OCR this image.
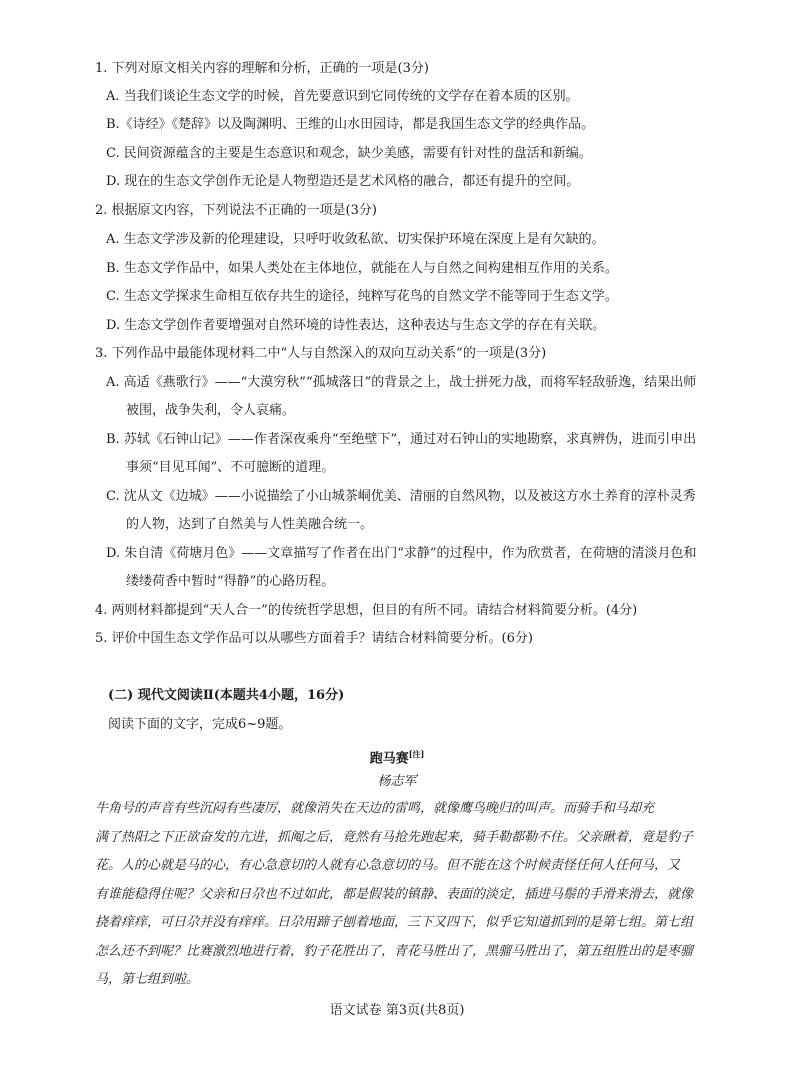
1. 下列对原文相关内容的理解和分析，正确的一项是(3分)
A. 当我们谈论生态文学的时候，首先要意识到它同传统的文学存在着本质的区别。
B.《诗经》《楚辞》以及陶渊明、王维的山水田园诗，都是我国生态文学的经典作品。
C. 民间资源蕴含的主要是生态意识和观念，缺少美感，需要有针对性的盘活和新编。
D. 现在的生态文学创作无论是人物塑造还是艺术风格的融合，都还有提升的空间。
2. 根据原文内容，下列说法不正确的一项是(3分)
A. 生态文学涉及新的伦理建设，只呼吁收敛私欲、切实保护环境在深度上是有欠缺的。
B. 生态文学作品中，如果人类处在主体地位，就能在人与自然之间构建相互作用的关系。
C. 生态文学探求生命相互依存共生的途径，纯粹写花鸟的自然文学不能等同于生态文学。
D. 生态文学创作者要增强对自然环境的诗性表达，这种表达与生态文学的存在有关联。
3. 下列作品中最能体现材料二中“人与自然深入的双向互动关系”的一项是(3分)
A. 高适《燕歌行》——“大漠穷秋”“孤城落日”的背景之上，战士拼死力战，而将军轻敌骄逸，结果出师
被围，战争失利，令人哀痛。
B. 苏轼《石钟山记》——作者深夜乘舟“至绝壁下”，通过对石钟山的实地勘察，求真辨伪，进而引申出
事须“目见耳闻”、不可臆断的道理。
C. 沈从文《边城》——小说描绘了小山城茶峒优美、清丽的自然风物，以及被这方水土养育的淳朴灵秀
的人物，达到了自然美与人性美融合统一。
D. 朱自清《荷塘月色》——文章描写了作者在出门“求静”的过程中，作为欣赏者，在荷塘的清淡月色和
缕缕荷香中暂时“得静”的心路历程。
4. 两则材料都提到“天人合一”的传统哲学思想，但目的有所不同。请结合材料简要分析。(4分)
5. 评价中国生态文学作品可以从哪些方面着手？请结合材料简要分析。(6分)
(二) 现代文阅读Ⅱ(本题共4小题，16分)
阅读下面的文字，完成6~9题。
跑马赛[注]
杨志军
牛角号的声音有些沉闷有些凄厉，就像消失在天边的雷鸣，就像鹰鸟晚归的叫声。而骑手和马却充
满了热阳之下正欲奋发的亢进，抓阄之后，竟然有马抢先跑起来，骑手勒都勒不住。父亲瞅着，竟是豹子
花。人的心就是马的心，有心急意切的人就有心急意切的马。但不能在这个时候责怪任何人任何马，又
有谁能稳得住呢？父亲和日尕也不过如此，都是假装的镇静、表面的淡定，插进马鬃的手滑来滑去，就像
挠着痒痒，可日尕并没有痒痒。日尕用蹄子刨着地面，三下又四下，似乎它知道抓到的是第七组。第七组
怎么还不到呢？比赛激烈地进行着，豹子花胜出了，青花马胜出了，黑骝马胜出了，第五组胜出的是枣骝
马，第七组到啦。
语文试卷 第3页(共8页)
